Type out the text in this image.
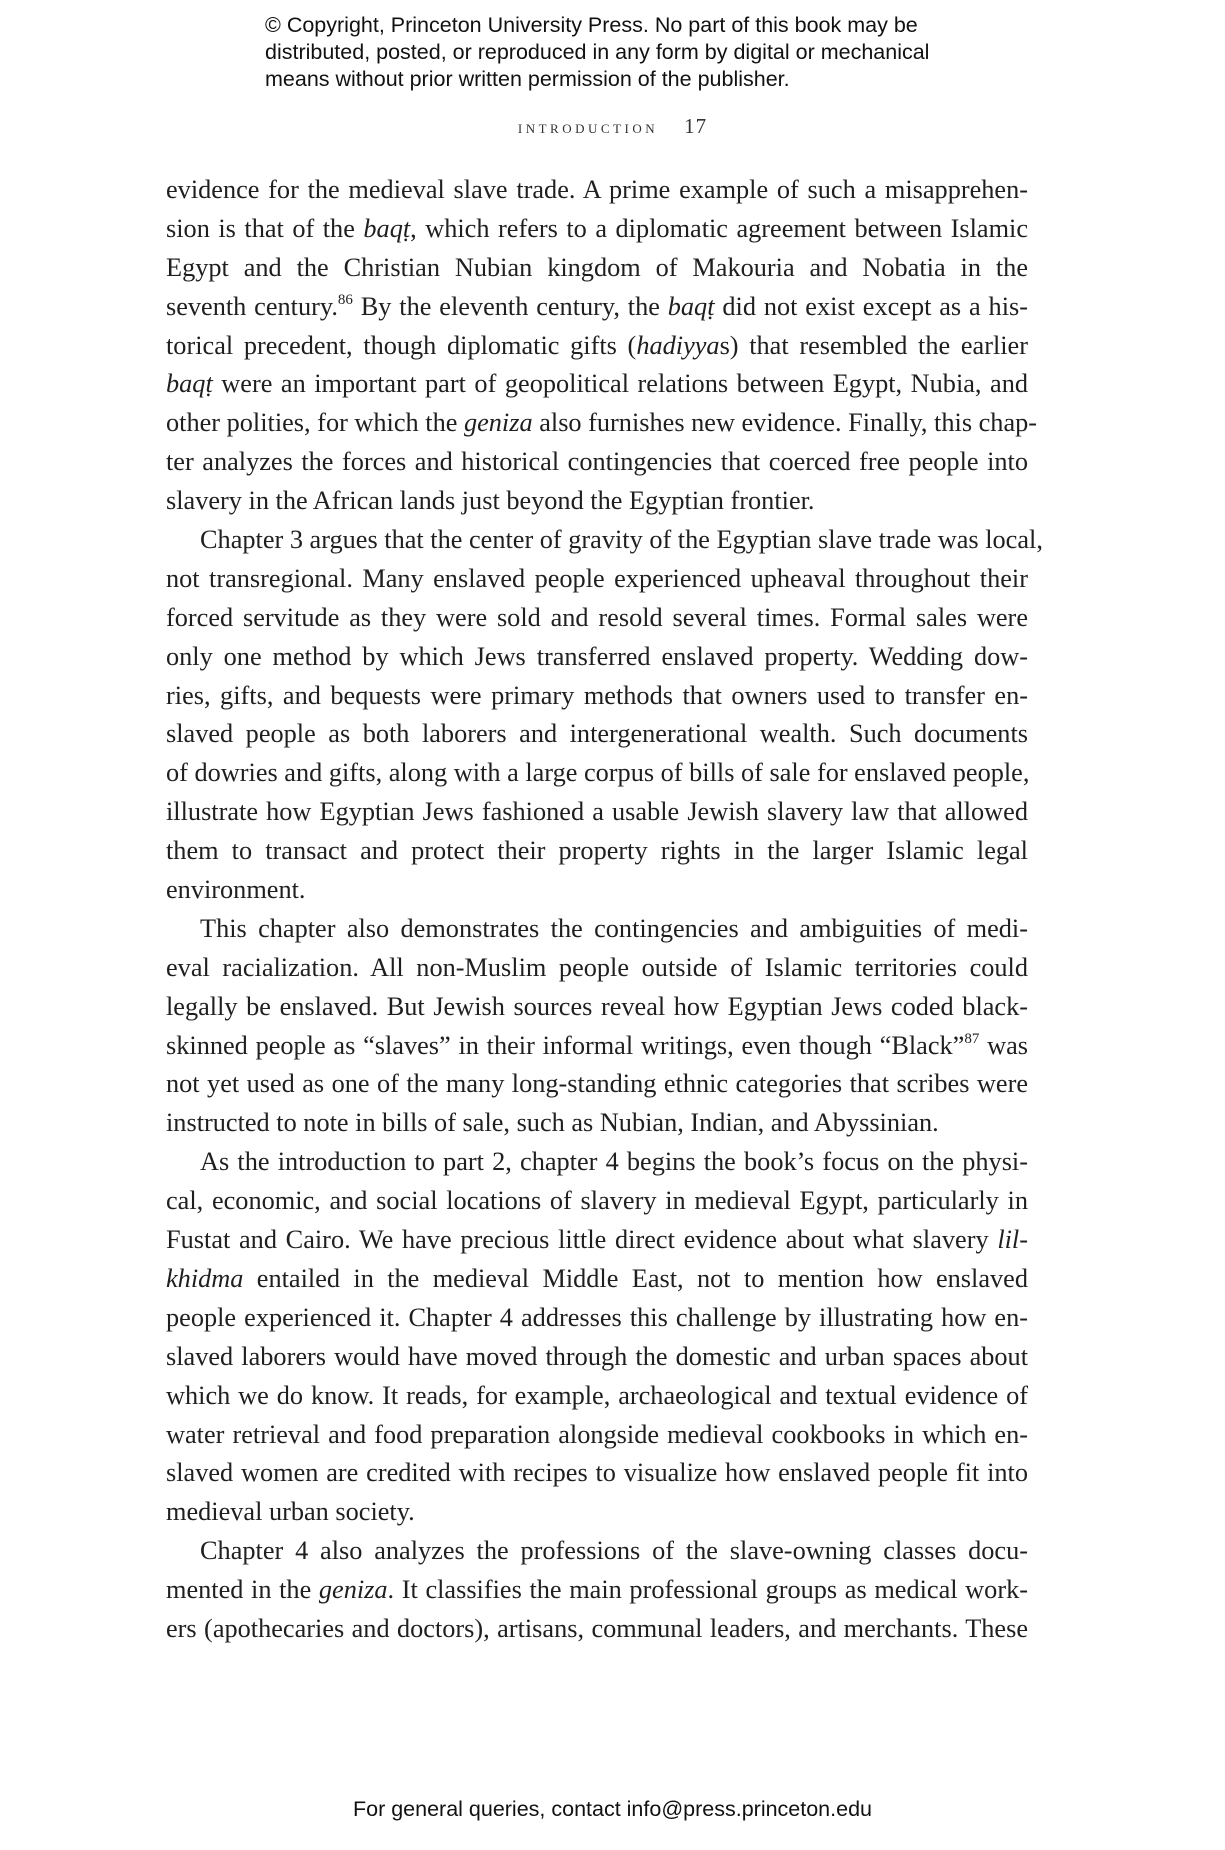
© Copyright, Princeton University Press. No part of this book may be
distributed, posted, or reproduced in any form by digital or mechanical
means without prior written permission of the publisher.
introduction 17
evidence for the medieval slave trade. A prime example of such a misapprehen-
sion is that of the baqṭ, which refers to a diplomatic agreement between Islamic
Egypt and the Christian Nubian kingdom of Makouria and Nobatia in the
seventh century.$^{86}$ By the eleventh century, the baqṭ did not exist except as a his-
torical precedent, though diplomatic gifts (hadiyyas) that resembled the earlier
baqṭ were an important part of geopolitical relations between Egypt, Nubia, and
other polities, for which the geniza also furnishes new evidence. Finally, this chap-
ter analyzes the forces and historical contingencies that coerced free people into
slavery in the African lands just beyond the Egyptian frontier.
Chapter 3 argues that the center of gravity of the Egyptian slave trade was local,
not transregional. Many enslaved people experienced upheaval throughout their
forced servitude as they were sold and resold several times. Formal sales were
only one method by which Jews transferred enslaved property. Wedding dow-
ries, gifts, and bequests were primary methods that owners used to transfer en-
slaved people as both laborers and intergenerational wealth. Such documents
of dowries and gifts, along with a large corpus of bills of sale for enslaved people,
illustrate how Egyptian Jews fashioned a usable Jewish slavery law that allowed
them to transact and protect their property rights in the larger Islamic legal
environment.
This chapter also demonstrates the contingencies and ambiguities of medi-
eval racialization. All non-Muslim people outside of Islamic territories could
legally be enslaved. But Jewish sources reveal how Egyptian Jews coded black-
skinned people as “slaves” in their informal writings, even though “Black”$^{87}$ was
not yet used as one of the many long-standing ethnic categories that scribes were
instructed to note in bills of sale, such as Nubian, Indian, and Abyssinian.
As the introduction to part 2, chapter 4 begins the book’s focus on the physi-
cal, economic, and social locations of slavery in medieval Egypt, particularly in
Fustat and Cairo. We have precious little direct evidence about what slavery lil-
khidma entailed in the medieval Middle East, not to mention how enslaved
people experienced it. Chapter 4 addresses this challenge by illustrating how en-
slaved laborers would have moved through the domestic and urban spaces about
which we do know. It reads, for example, archaeological and textual evidence of
water retrieval and food preparation alongside medieval cookbooks in which en-
slaved women are credited with recipes to visualize how enslaved people fit into
medieval urban society.
Chapter 4 also analyzes the professions of the slave-owning classes docu-
mented in the geniza. It classifies the main professional groups as medical work-
ers (apothecaries and doctors), artisans, communal leaders, and merchants. These
For general queries, contact info@press.princeton.edu
